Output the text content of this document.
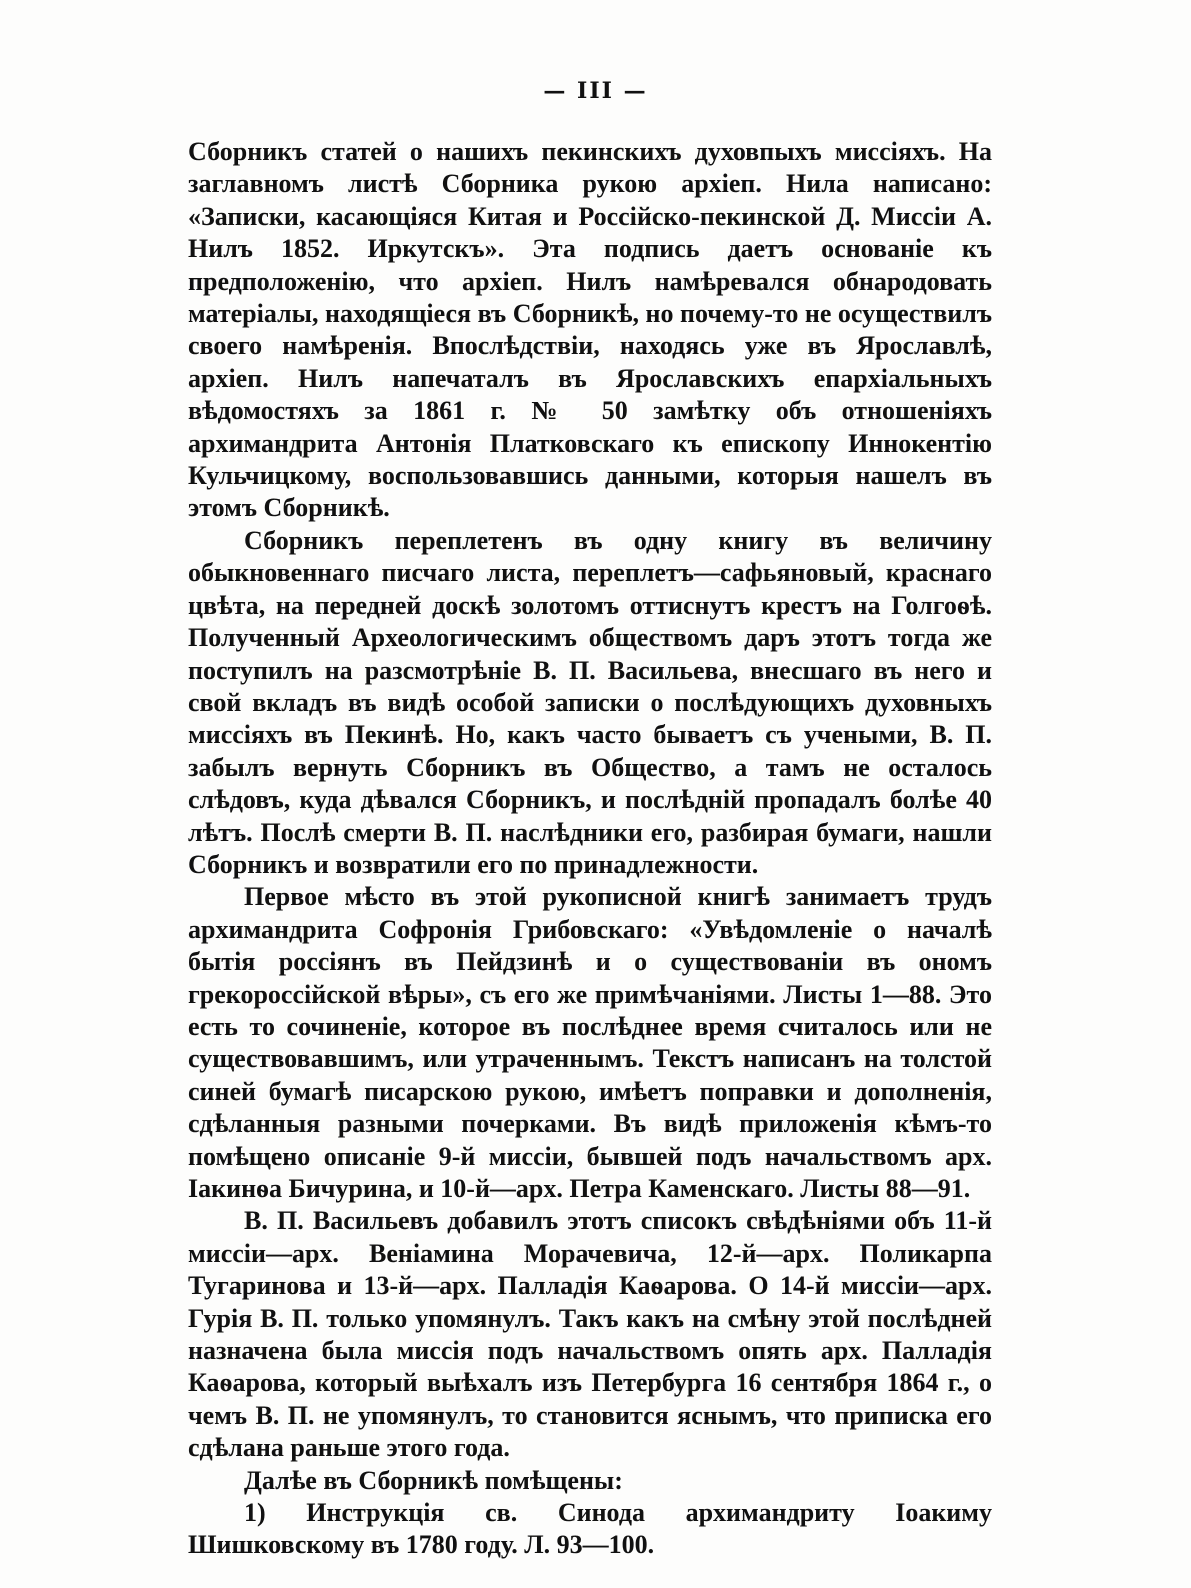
— III —

Сборникъ статей о нашихъ пекинскихъ духовпыхъ миссіяхъ. На заглавномъ листѣ Сборника рукою архіеп. Нила написано: «Записки, касающіяся Китая и Россійско-пекинской Д. Миссіи А. Нилъ 1852. Иркутскъ». Эта подпись даетъ основаніе къ предположенію, что архіеп. Нилъ намѣревался обнародовать матеріалы, находящіеся въ Сборникѣ, но почему-то не осуществилъ своего намѣренія. Впослѣдствіи, находясь уже въ Ярославлѣ, архіеп. Нилъ напечаталъ въ Ярославскихъ епархіальныхъ вѣдомостяхъ за 1861 г. № 50 замѣтку объ отношеніяхъ архимандрита Антонія Платковскаго къ епископу Иннокентію Кульчицкому, воспользовавшись данными, которыя нашелъ въ этомъ Сборникѣ.

Сборникъ переплетенъ въ одну книгу въ величину обыкновеннаго писчаго листа, переплетъ—сафьяновый, краснаго цвѣта, на передней доскѣ золотомъ оттиснутъ крестъ на Голгоѳѣ. Полученный Археологическимъ обществомъ даръ этотъ тогда же поступилъ на разсмотрѣніе В. П. Васильева, внесшаго въ него и свой вкладъ въ видѣ особой записки о послѣдующихъ духовныхъ миссіяхъ въ Пекинѣ. Но, какъ часто бываетъ съ учеными, В. П. забылъ вернуть Сборникъ въ Общество, а тамъ не осталось слѣдовъ, куда дѣвался Сборникъ, и послѣдній пропадалъ болѣе 40 лѣтъ. Послѣ смерти В. П. наслѣдники его, разбирая бумаги, нашли Сборникъ и возвратили его по принадлежности.

Первое мѣсто въ этой рукописной книгѣ занимаетъ трудъ архимандрита Софронія Грибовскаго: «Увѣдомленіе о началѣ бытія россіянъ въ Пейдзинѣ и о существованіи въ ономъ грекороссійской вѣры», съ его же примѣчаніями. Листы 1—88. Это есть то сочиненіе, которое въ послѣднее время считалось или не существовавшимъ, или утраченнымъ. Текстъ написанъ на толстой синей бумагѣ писарскою рукою, имѣетъ поправки и дополненія, сдѣланныя разными почерками. Въ видѣ приложенія кѣмъ-то помѣщено описаніе 9-й миссіи, бывшей подъ начальствомъ арх. Іакинѳа Бичурина, и 10-й—арх. Петра Каменскаго. Листы 88—91.

В. П. Васильевъ добавилъ этотъ списокъ свѣдѣніями объ 11-й миссіи—арх. Веніамина Морачевича, 12-й—арх. Поликарпа Тугаринова и 13-й—арх. Палладія Каѳарова. О 14-й миссіи—арх. Гурія В. П. только упомянулъ. Такъ какъ на смѣну этой послѣдней назначена была миссія подъ начальствомъ опять арх. Палладія Каѳарова, который выѣхалъ изъ Петербурга 16 сентября 1864 г., о чемъ В. П. не упомянулъ, то становится яснымъ, что приписка его сдѣлана раньше этого года.

Далѣе въ Сборникѣ помѣщены:

1) Инструкція св. Синода архимандриту Іоакиму Шишковскому въ 1780 году. Л. 93—100.
